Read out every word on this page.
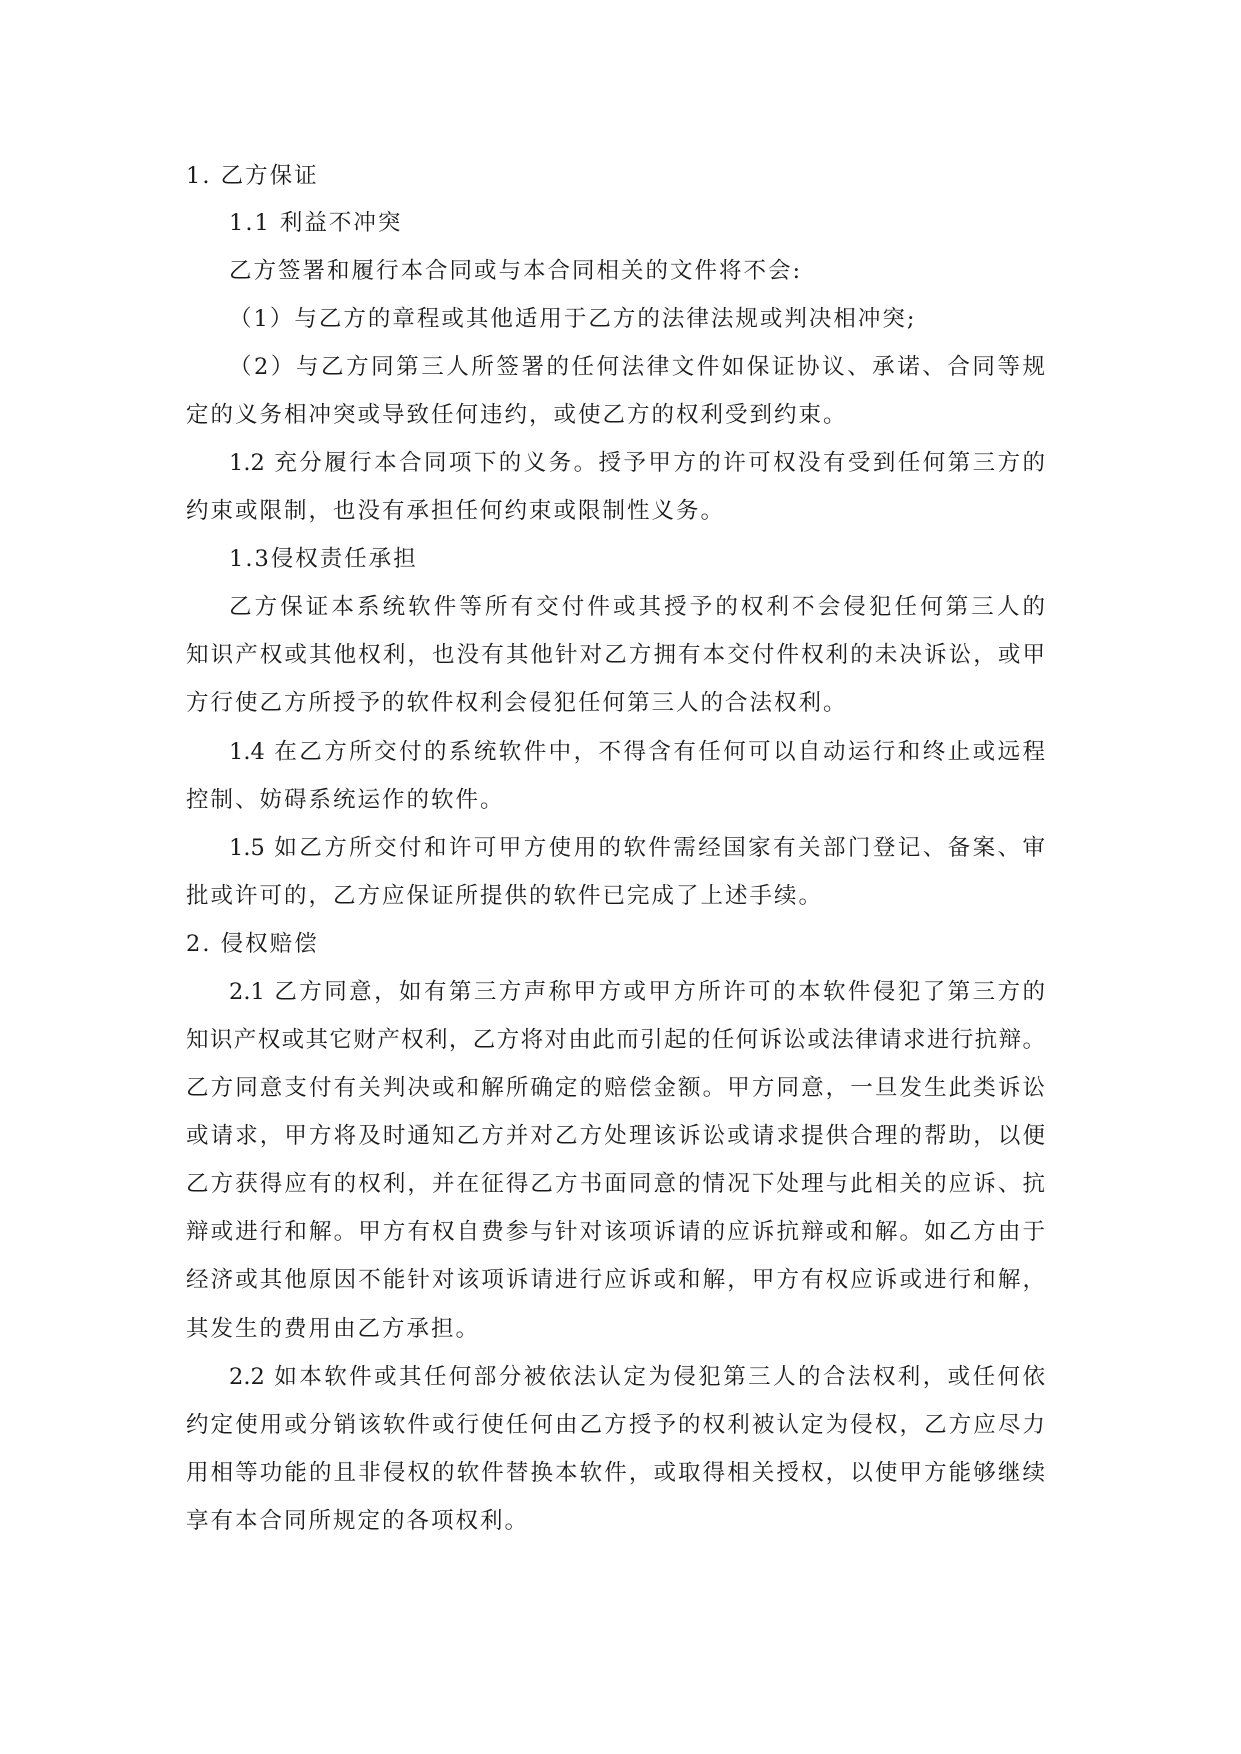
1. 乙方保证
1.1 利益不冲突
乙方签署和履行本合同或与本合同相关的文件将不会:
（1）与乙方的章程或其他适用于乙方的法律法规或判决相冲突;
（2）与乙方同第三人所签署的任何法律文件如保证协议、承诺、合同等规
定的义务相冲突或导致任何违约，或使乙方的权利受到约束。
1.2 充分履行本合同项下的义务。授予甲方的许可权没有受到任何第三方的
约束或限制，也没有承担任何约束或限制性义务。
1.3侵权责任承担
乙方保证本系统软件等所有交付件或其授予的权利不会侵犯任何第三人的
知识产权或其他权利，也没有其他针对乙方拥有本交付件权利的未决诉讼，或甲
方行使乙方所授予的软件权利会侵犯任何第三人的合法权利。
1.4 在乙方所交付的系统软件中，不得含有任何可以自动运行和终止或远程
控制、妨碍系统运作的软件。
1.5 如乙方所交付和许可甲方使用的软件需经国家有关部门登记、备案、审
批或许可的，乙方应保证所提供的软件已完成了上述手续。
2. 侵权赔偿
2.1 乙方同意，如有第三方声称甲方或甲方所许可的本软件侵犯了第三方的
知识产权或其它财产权利，乙方将对由此而引起的任何诉讼或法律请求进行抗辩。
乙方同意支付有关判决或和解所确定的赔偿金额。甲方同意，一旦发生此类诉讼
或请求，甲方将及时通知乙方并对乙方处理该诉讼或请求提供合理的帮助，以便
乙方获得应有的权利，并在征得乙方书面同意的情况下处理与此相关的应诉、抗
辩或进行和解。甲方有权自费参与针对该项诉请的应诉抗辩或和解。如乙方由于
经济或其他原因不能针对该项诉请进行应诉或和解，甲方有权应诉或进行和解，
其发生的费用由乙方承担。
2.2 如本软件或其任何部分被依法认定为侵犯第三人的合法权利，或任何依
约定使用或分销该软件或行使任何由乙方授予的权利被认定为侵权，乙方应尽力
用相等功能的且非侵权的软件替换本软件，或取得相关授权，以使甲方能够继续
享有本合同所规定的各项权利。
